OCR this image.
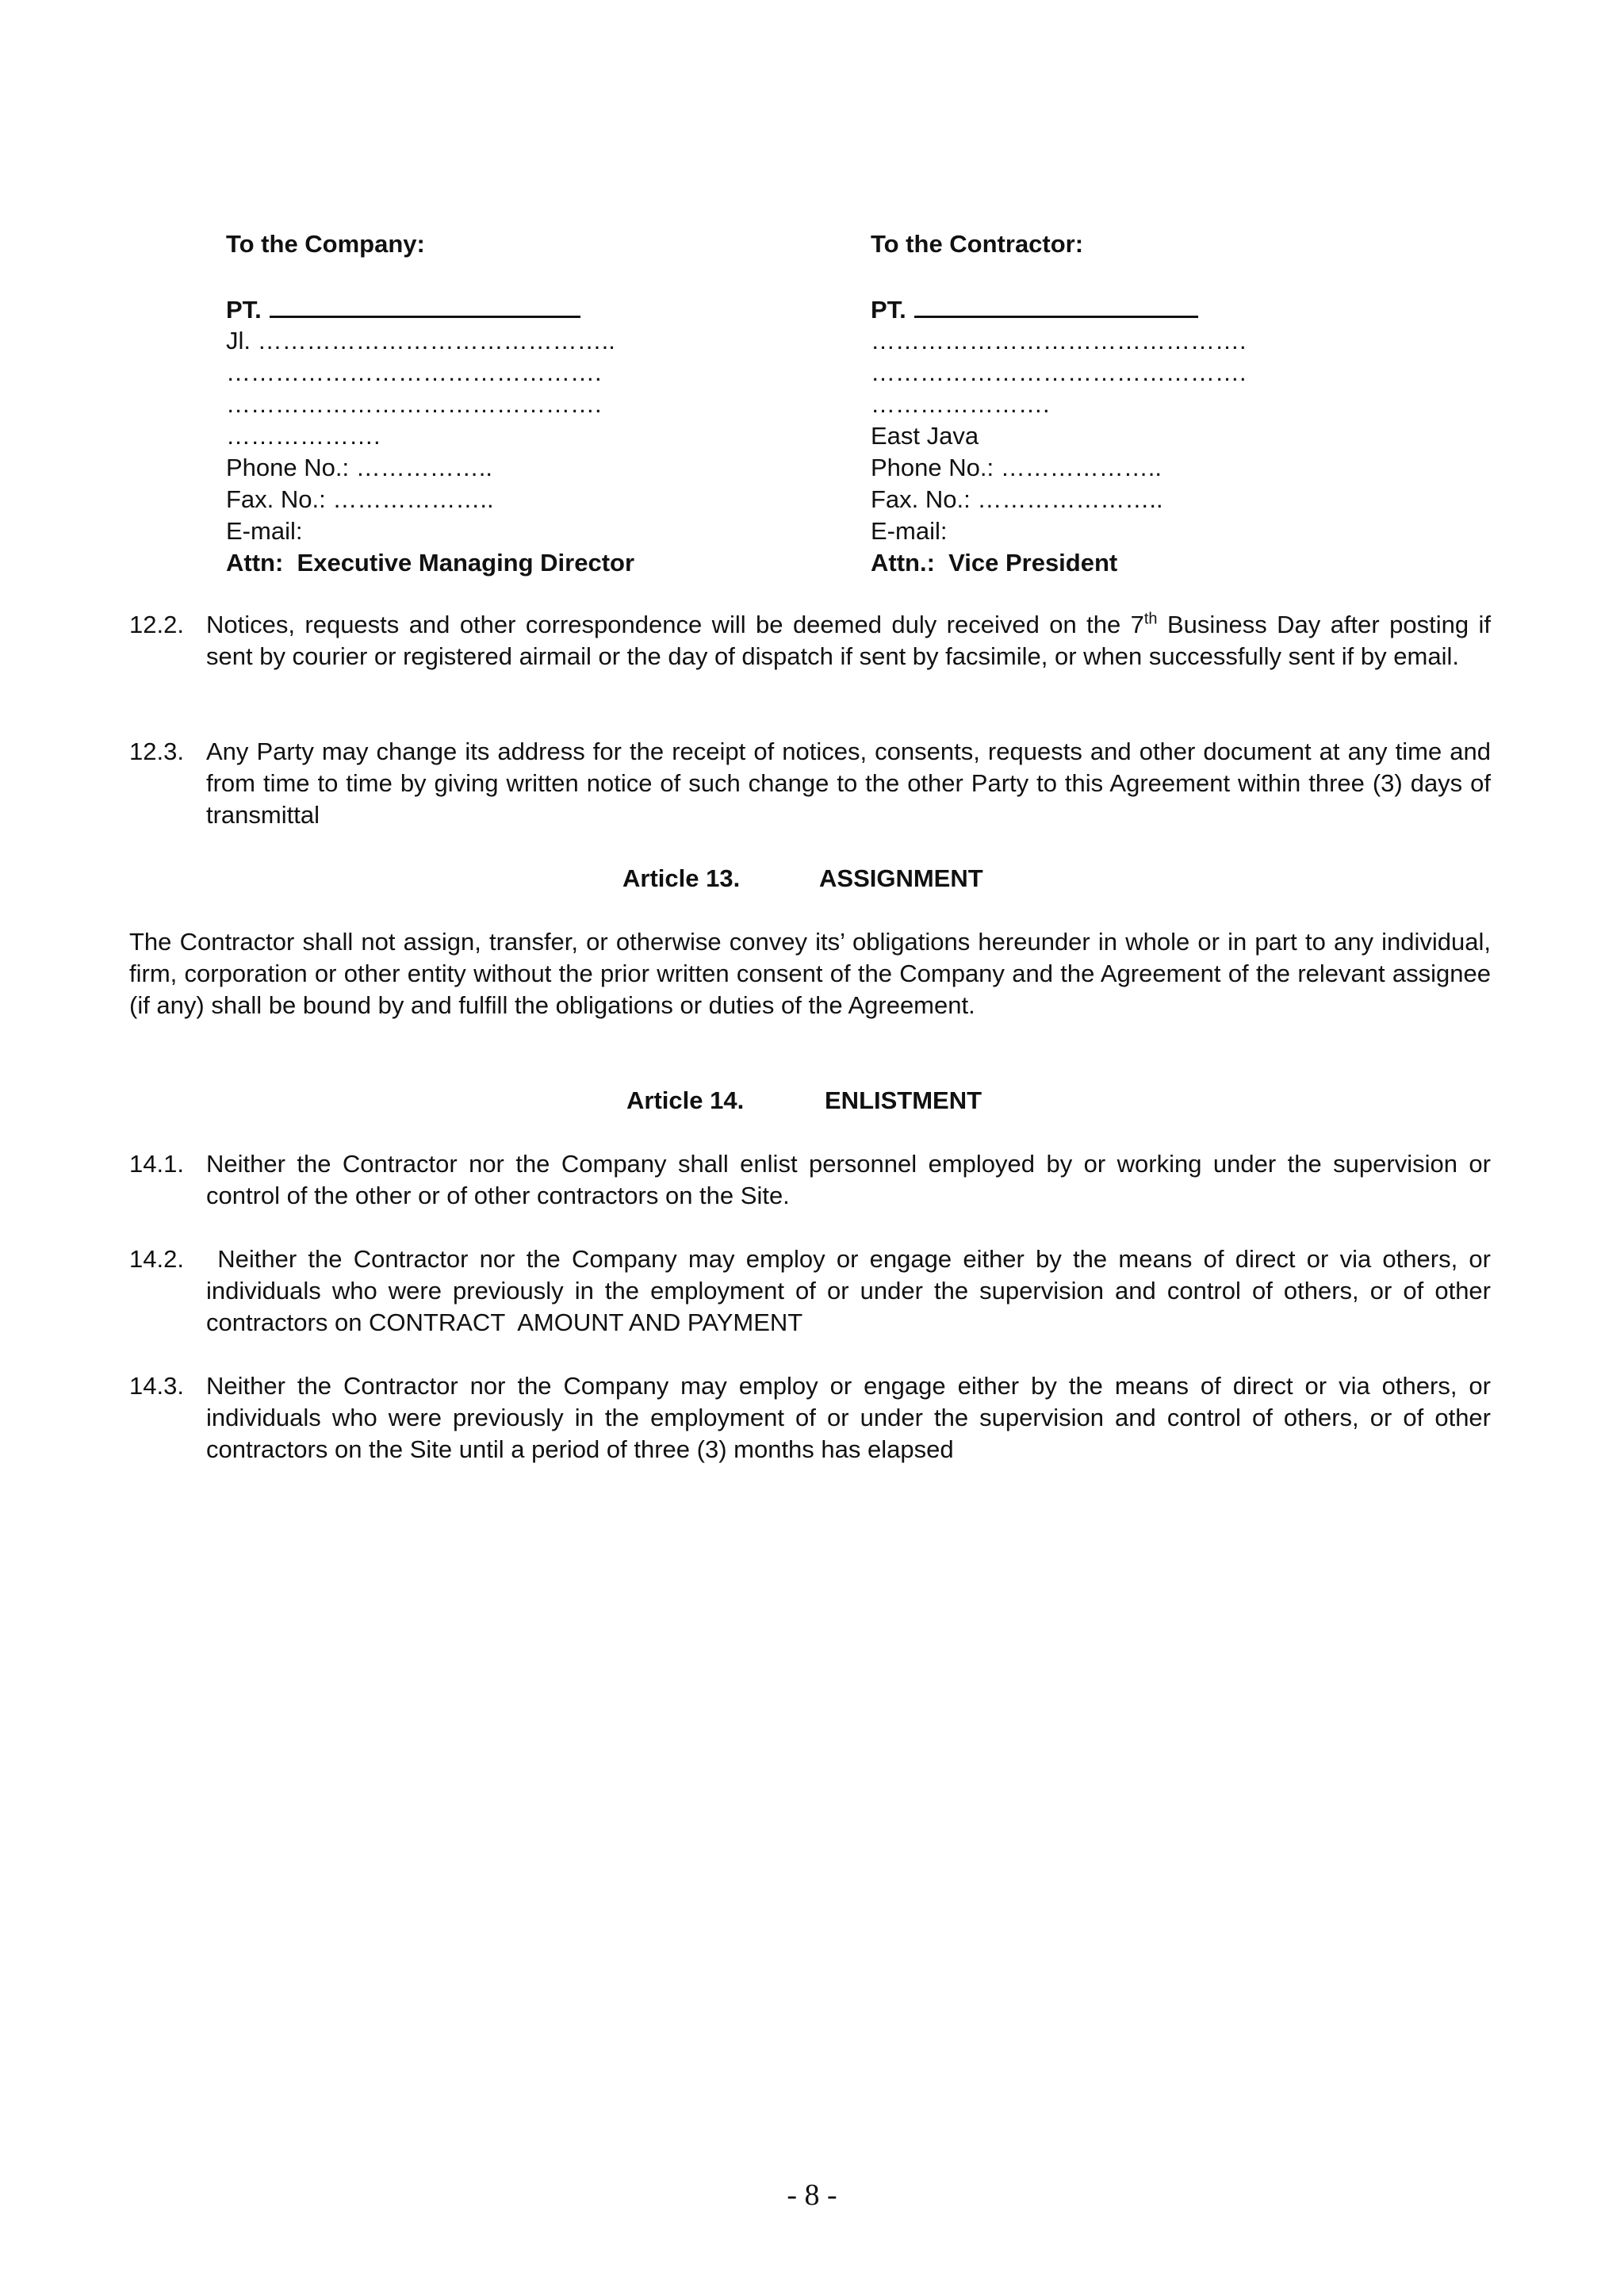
To the Company:
PT.
Jl. ……………………………………..
……………………………………….
……………………………………….
……………….
Phone No.: ……………..
Fax. No.: ………………..
E-mail:
Attn: Executive Managing Director
To the Contractor:
PT.
……………………………………….
……………………………………….
………………….
East Java
Phone No.: ………………..
Fax. No.: …………………..
E-mail:
Attn.: Vice President
12.2. Notices, requests and other correspondence will be deemed duly received on the 7th Business Day after posting if sent by courier or registered airmail or the day of dispatch if sent by facsimile, or when successfully sent if by email.
12.3. Any Party may change its address for the receipt of notices, consents, requests and other document at any time and from time to time by giving written notice of such change to the other Party to this Agreement within three (3) days of transmittal
Article 13.	ASSIGNMENT
The Contractor shall not assign, transfer, or otherwise convey its’ obligations hereunder in whole or in part to any individual, firm, corporation or other entity without the prior written consent of the Company and the Agreement of the relevant assignee (if any) shall be bound by and fulfill the obligations or duties of the Agreement.
Article 14.	ENLISTMENT
14.1. Neither the Contractor nor the Company shall enlist personnel employed by or working under the supervision or control of the other or of other contractors on the Site.
14.2. Neither the Contractor nor the Company may employ or engage either by the means of direct or via others, or individuals who were previously in the employment of or under the supervision and control of others, or of other contractors on CONTRACT  AMOUNT AND PAYMENT
14.3. Neither the Contractor nor the Company may employ or engage either by the means of direct or via others, or individuals who were previously in the employment of or under the supervision and control of others, or of other contractors on the Site until a period of three (3) months has elapsed
- 8 -
